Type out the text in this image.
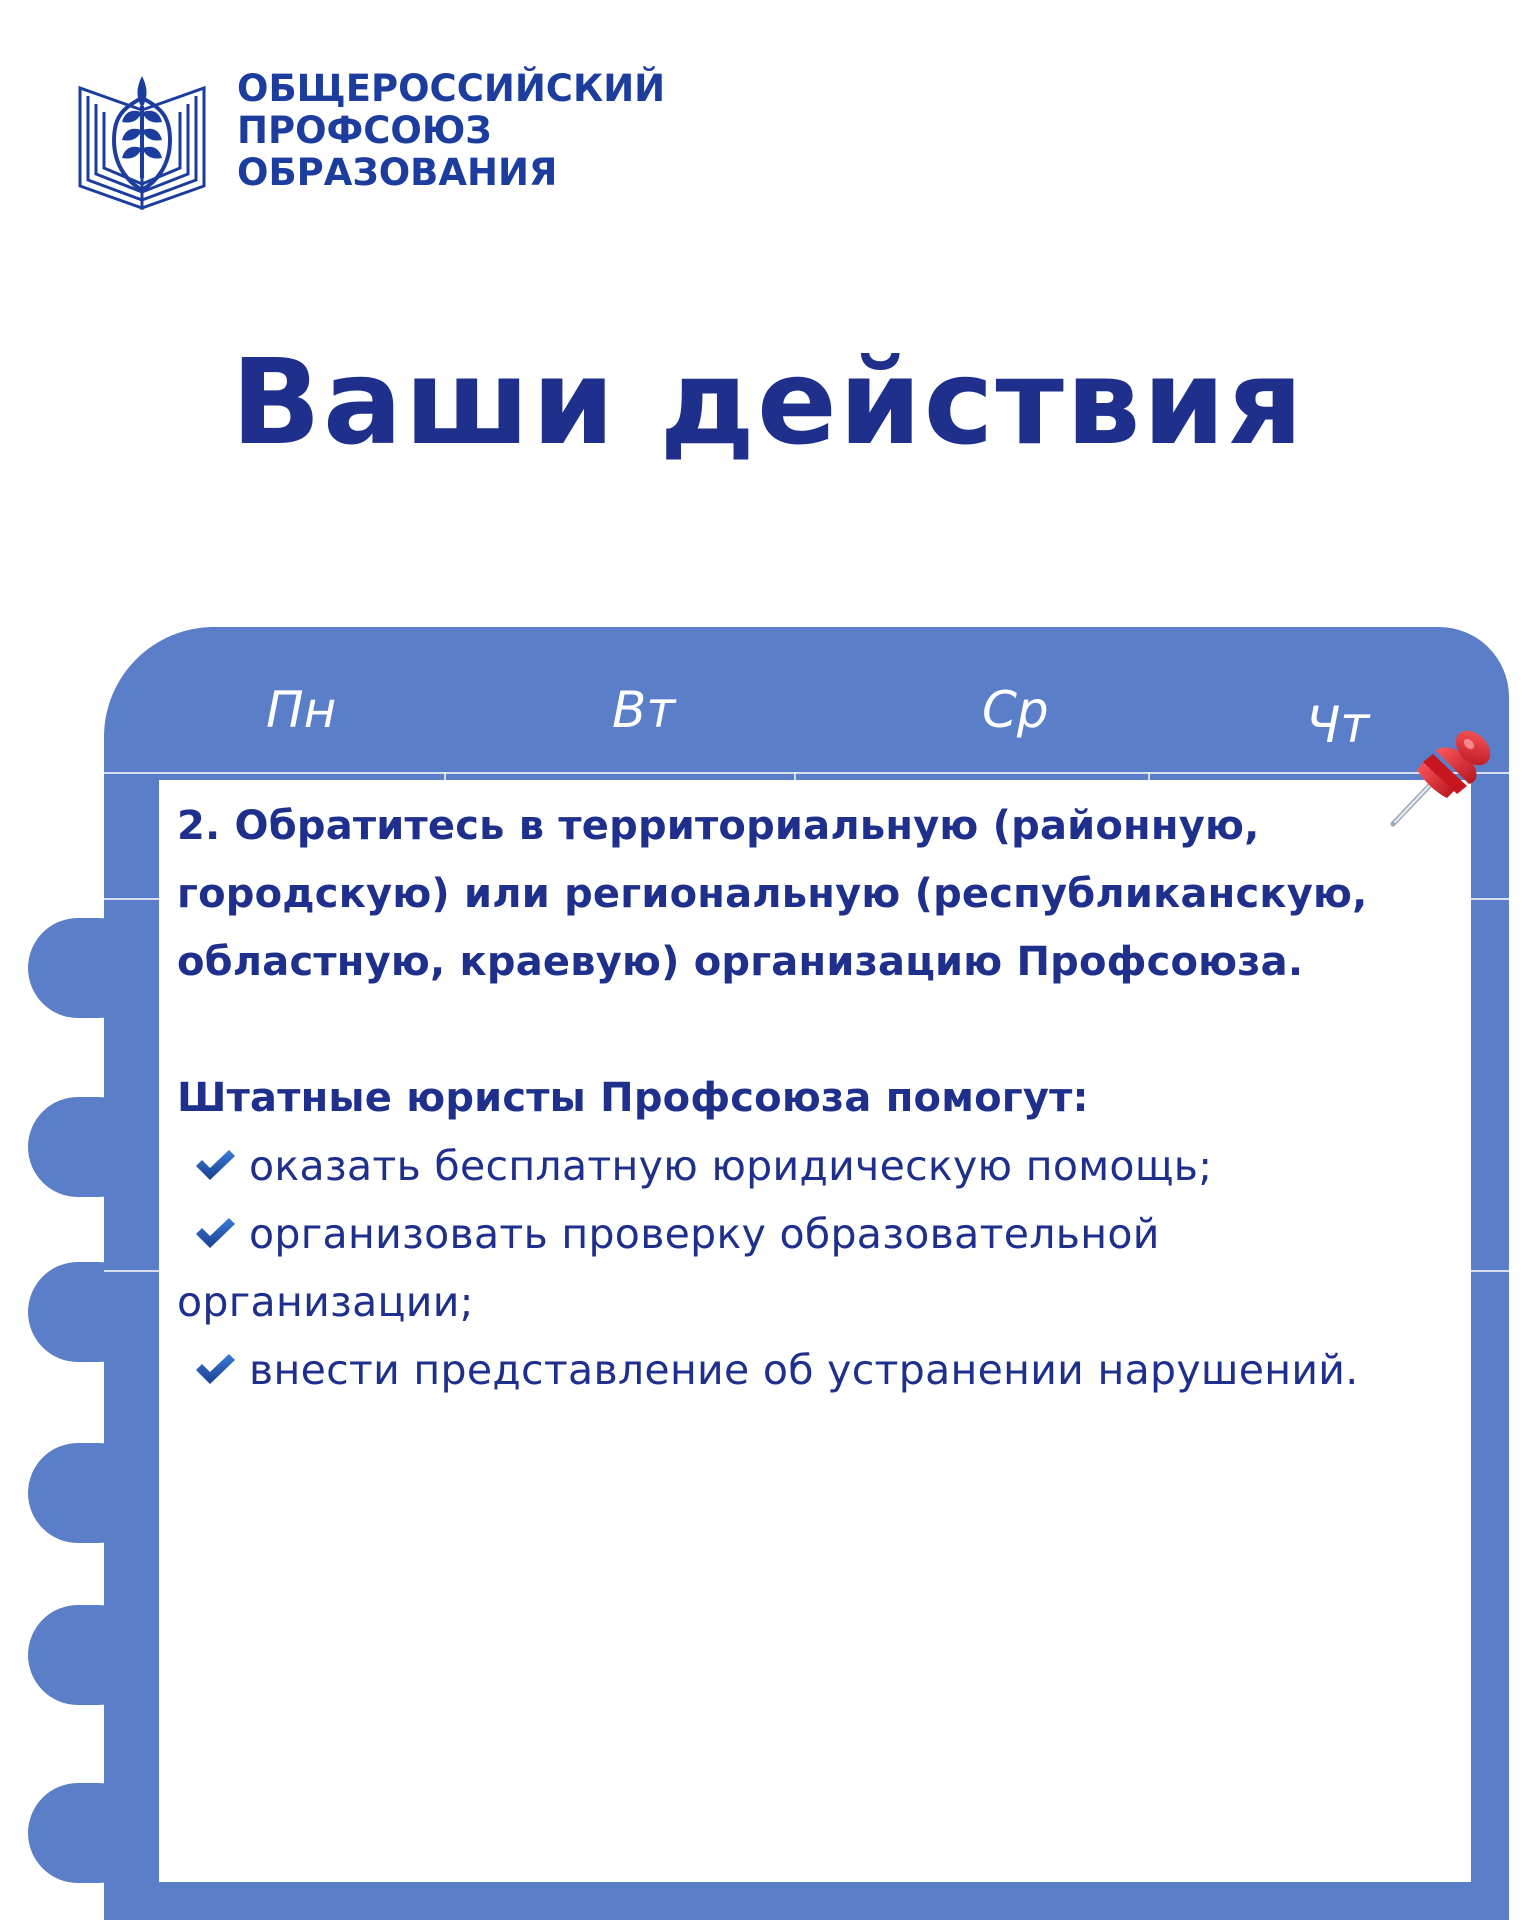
ОБЩЕРОССИЙСКИЙ
ПРОФСОЮЗ
ОБРАЗОВАНИЯ
Ваши действия
Пн	Вт	Ср	Чт

2. Обратитесь в территориальную (районную, городскую) или региональную (республиканскую, областную, краевую) организацию Профсоюза.

Штатные юристы Профсоюза помогут:

оказать бесплатную юридическую помощь;

организовать проверку образовательной организации;

внести представление об устранении нарушений.
